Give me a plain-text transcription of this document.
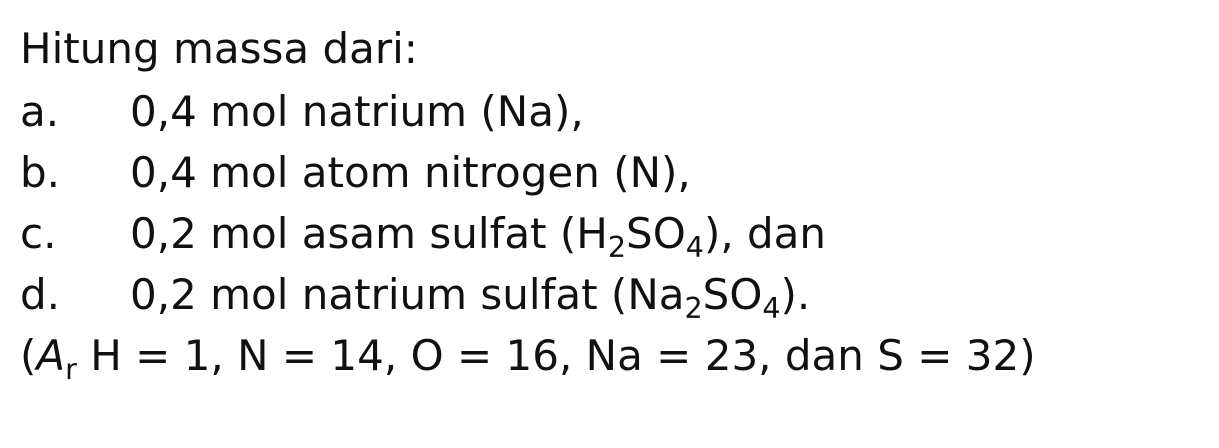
Hitung massa dari:
a. 0,4 mol natrium (Na),
b. 0,4 mol atom nitrogen (N),
c. 0,2 mol asam sulfat $(H_2SO_4)$, dan
d. 0,2 mol natrium sulfat $(Na_2SO_4)$.
($A_r$ H = 1, N = 14, O = 16, Na = 23, dan S = 32)
